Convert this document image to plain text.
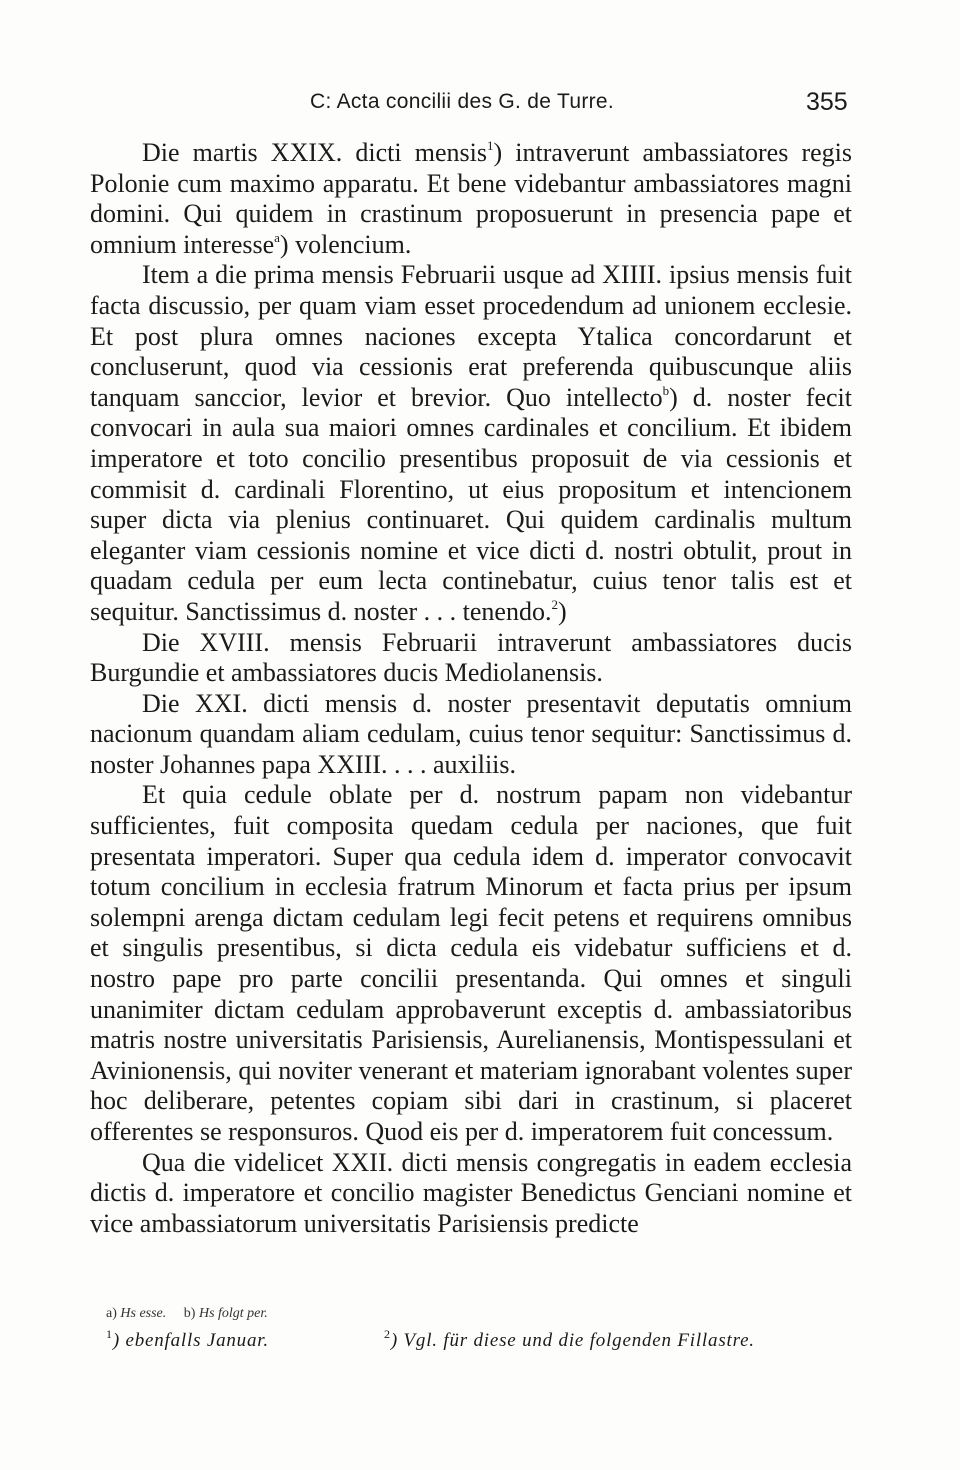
C: Acta concilii des G. de Turre.	355

Die martis XXIX. dicti mensis$^1$) intraverunt ambassiatores regis Polonie cum maximo apparatu. Et bene videbantur ambassiatores magni domini. Qui quidem in crastinum proposuerunt in presencia pape et omnium interesse$^a$) volencium.

Item a die prima mensis Februarii usque ad XIIII. ipsius mensis fuit facta discussio, per quam viam esset procedendum ad unionem ecclesie. Et post plura omnes naciones excepta Ytalica concordarunt et concluserunt, quod via cessionis erat preferenda quibuscunque aliis tanquam sanccior, levior et brevior. Quo intellecto$^b$) d. noster fecit convocari in aula sua maiori omnes cardinales et concilium. Et ibidem imperatore et toto concilio presentibus proposuit de via cessionis et commisit d. cardinali Florentino, ut eius propositum et intencionem super dicta via plenius continuaret. Qui quidem cardinalis multum eleganter viam cessionis nomine et vice dicti d. nostri obtulit, prout in quadam cedula per eum lecta continebatur, cuius tenor talis est et sequitur. Sanctissimus d. noster . . . tenendo.$^2$)

Die XVIII. mensis Februarii intraverunt ambassiatores ducis Burgundie et ambassiatores ducis Mediolanensis.

Die XXI. dicti mensis d. noster presentavit deputatis omnium nacionum quandam aliam cedulam, cuius tenor sequitur: Sanctissimus d. noster Johannes papa XXIII. . . . auxiliis.

Et quia cedule oblate per d. nostrum papam non videbantur sufficientes, fuit composita quedam cedula per naciones, que fuit presentata imperatori. Super qua cedula idem d. imperator convocavit totum concilium in ecclesia fratrum Minorum et facta prius per ipsum solempni arenga dictam cedulam legi fecit petens et requirens omnibus et singulis presentibus, si dicta cedula eis videbatur sufficiens et d. nostro pape pro parte concilii presentanda. Qui omnes et singuli unanimiter dictam cedulam approbaverunt exceptis d. ambassiatoribus matris nostre universitatis Parisiensis, Aurelianensis, Montispessulani et Avinionensis, qui noviter venerant et materiam ignorabant volentes super hoc deliberare, petentes copiam sibi dari in crastinum, si placeret offerentes se responsuros. Quod eis per d. imperatorem fuit concessum.

Qua die videlicet XXII. dicti mensis congregatis in eadem ecclesia dictis d. imperatore et concilio magister Benedictus Genciani nomine et vice ambassiatorum universitatis Parisiensis predicte

a) Hs esse. b) Hs folgt per.
$^1$) ebenfalls Januar.	$^2$) Vgl. für diese und die folgenden Fillastre.
